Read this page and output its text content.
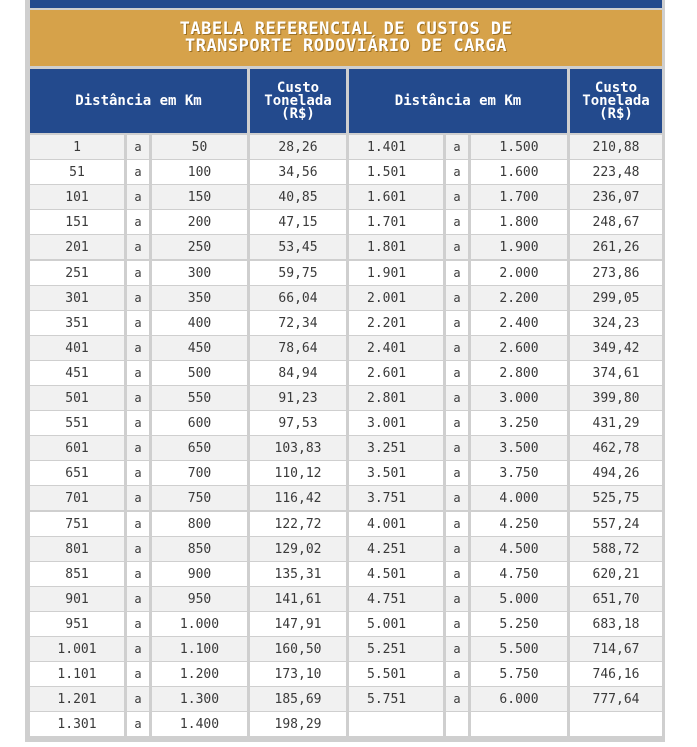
TABELA REFERENCIAL DE CUSTOS DE
TRANSPORTE RODOVIÁRIO DE CARGA
Distância em Km
Custo
Tonelada
(R$)
Distância em Km
Custo
Tonelada
(R$)
1	a	50	28,26
51	a	100	34,56
101	a	150	40,85
151	a	200	47,15
201	a	250	53,45
251	a	300	59,75
301	a	350	66,04
351	a	400	72,34
401	a	450	78,64
451	a	500	84,94
501	a	550	91,23
551	a	600	97,53
601	a	650	103,83
651	a	700	110,12
701	a	750	116,42
751	a	800	122,72
801	a	850	129,02
851	a	900	135,31
901	a	950	141,61
951	a	1.000	147,91
1.001	a	1.100	160,50
1.101	a	1.200	173,10
1.201	a	1.300	185,69
1.301	a	1.400	198,29
1.401	a	1.500	210,88
1.501	a	1.600	223,48
1.601	a	1.700	236,07
1.701	a	1.800	248,67
1.801	a	1.900	261,26
1.901	a	2.000	273,86
2.001	a	2.200	299,05
2.201	a	2.400	324,23
2.401	a	2.600	349,42
2.601	a	2.800	374,61
2.801	a	3.000	399,80
3.001	a	3.250	431,29
3.251	a	3.500	462,78
3.501	a	3.750	494,26
3.751	a	4.000	525,75
4.001	a	4.250	557,24
4.251	a	4.500	588,72
4.501	a	4.750	620,21
4.751	a	5.000	651,70
5.001	a	5.250	683,18
5.251	a	5.500	714,67
5.501	a	5.750	746,16
5.751	a	6.000	777,64
